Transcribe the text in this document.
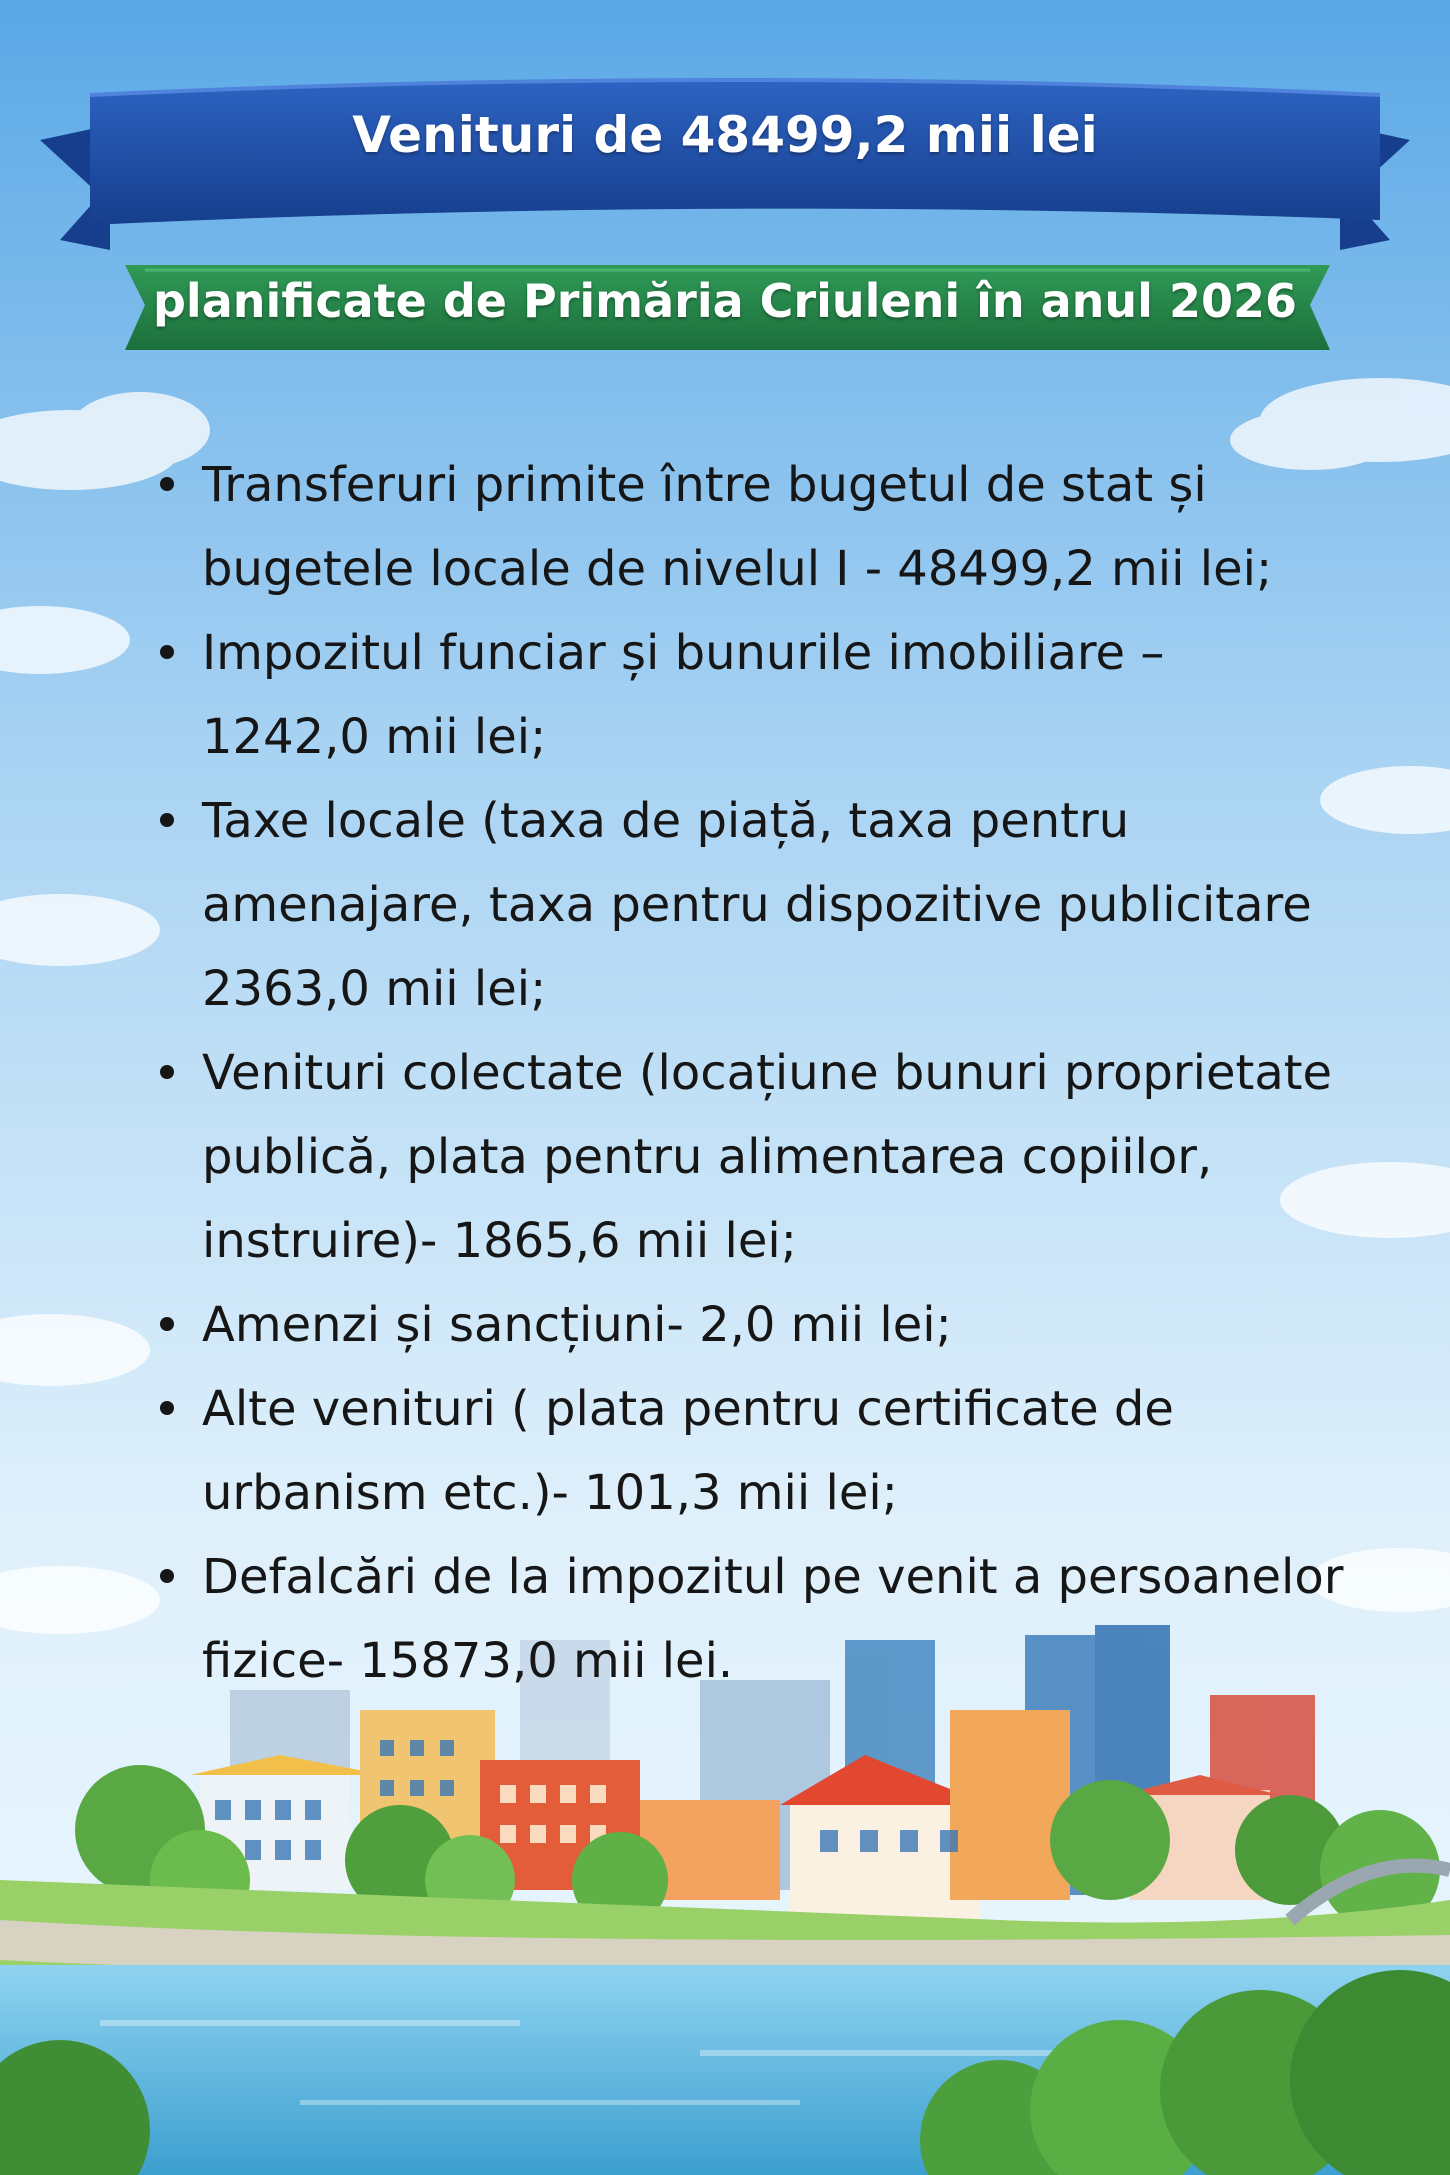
Venituri de 48499,2 mii lei
planificate de Primăria Criuleni în anul 2026
Transferuri primite între bugetul de stat și
bugetele locale de nivelul I - 48499,2 mii lei;
Impozitul funciar și bunurile imobiliare –
1242,0 mii lei;
Taxe locale (taxa de piață, taxa pentru
amenajare, taxa pentru dispozitive publicitare
2363,0 mii lei;
Venituri colectate (locațiune bunuri proprietate
publică, plata pentru alimentarea copiilor,
instruire)- 1865,6 mii lei;
Amenzi și sancțiuni- 2,0 mii lei;
Alte venituri ( plata pentru certificate de
urbanism etc.)- 101,3 mii lei;
Defalcări de la impozitul pe venit a persoanelor
fizice- 15873,0 mii lei.
